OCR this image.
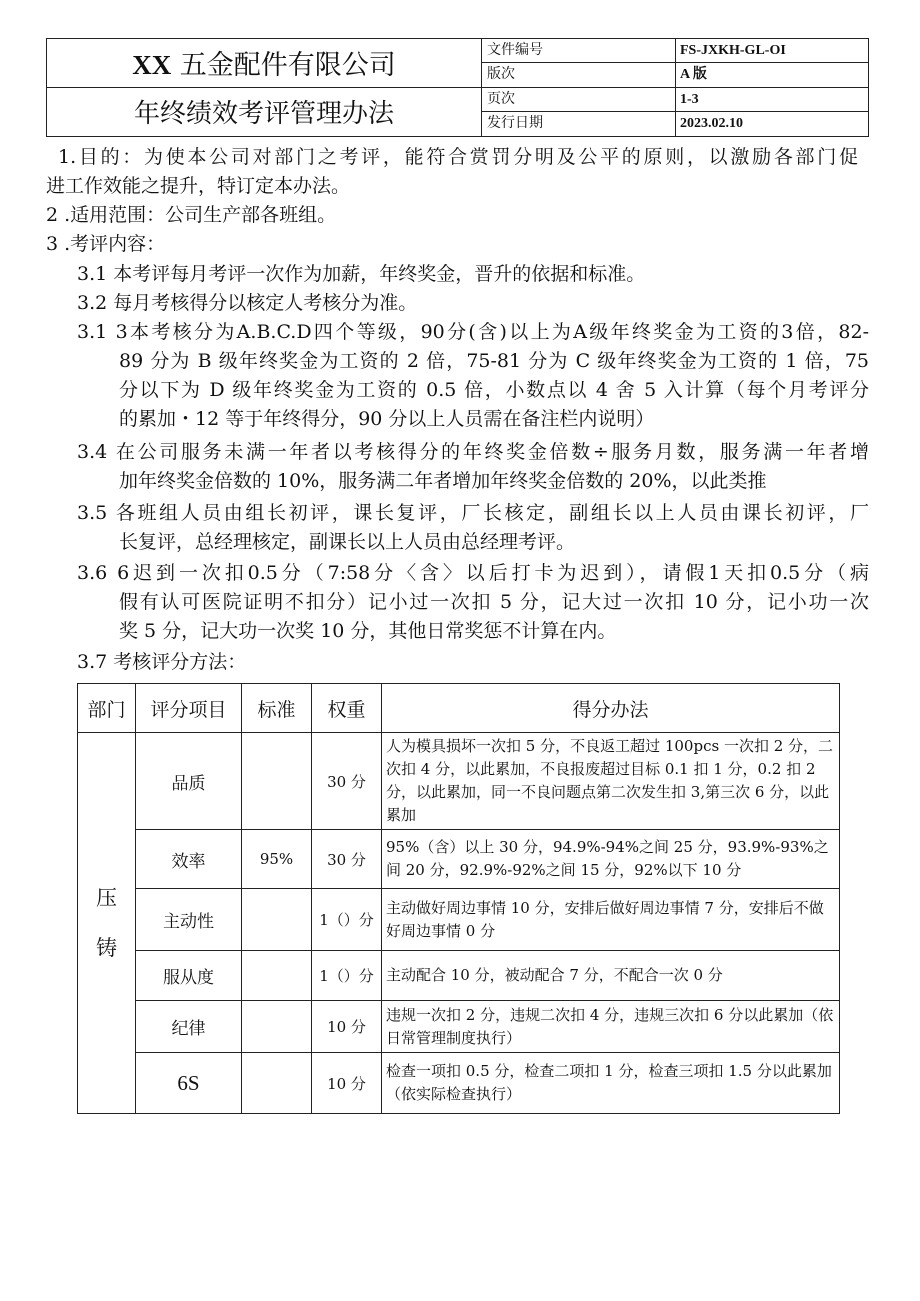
XX 五金配件有限公司
年终绩效考评管理办法
文件编号	FS-JXKH-GL-OI
版次	A 版
页次	1-3
发行日期	2023.02.10
1.目的：为使本公司对部门之考评，能符合赏罚分明及公平的原则，以激励各部门促
进工作效能之提升，特订定本办法。
2 .适用范围：公司生产部各班组。
3 .考评内容：
3.1 本考评每月考评一次作为加薪，年终奖金，晋升的依据和标准。
3.2 每月考核得分以核定人考核分为准。
3.1 3本考核分为A.B.C.D四个等级，90分(含)以上为A级年终奖金为工资的3倍，82-
89 分为 B 级年终奖金为工资的 2 倍，75-81 分为 C 级年终奖金为工资的 1 倍，75
分以下为 D 级年终奖金为工资的 0.5 倍，小数点以 4 舍 5 入计算（每个月考评分
的累加・12 等于年终得分，90 分以上人员需在备注栏内说明）
3.4 在公司服务未满一年者以考核得分的年终奖金倍数÷服务月数，服务满一年者增
加年终奖金倍数的 10%，服务满二年者增加年终奖金倍数的 20%，以此类推
3.5 各班组人员由组长初评，课长复评，厂长核定，副组长以上人员由课长初评，厂
长复评，总经理核定，副课长以上人员由总经理考评。
3.6 6迟到一次扣0.5分（7:58分〈含〉以后打卡为迟到），请假1天扣0.5分（病
假有认可医院证明不扣分）记小过一次扣 5 分，记大过一次扣 10 分，记小功一次
奖 5 分，记大功一次奖 10 分，其他日常奖惩不计算在内。
3.7 考核评分方法：
部门	评分项目	标准	权重	得分办法
压
铸	品质		30 分	人为模具损坏一次扣 5 分，不良返工超过 100pcs 一次扣 2 分，二次扣 4 分，以此累加，不良报废超过目标 0.1 扣 1 分，0.2 扣 2 分，以此累加，同一不良问题点第二次发生扣 3,第三次 6 分，以此累加
	效率	95%	30 分	95%（含）以上 30 分，94.9%-94%之间 25 分，93.9%-93%之间 20 分，92.9%-92%之间 15 分，92%以下 10 分
	主动性		1（）分	主动做好周边事情 10 分，安排后做好周边事情 7 分，安排后不做好周边事情 0 分
	服从度		1（）分	主动配合 10 分，被动配合 7 分，不配合一次 0 分
	纪律		10 分	违规一次扣 2 分，违规二次扣 4 分，违规三次扣 6 分以此累加（依日常管理制度执行）
	6S		10 分	检查一项扣 0.5 分，检查二项扣 1 分，检查三项扣 1.5 分以此累加（依实际检查执行）
